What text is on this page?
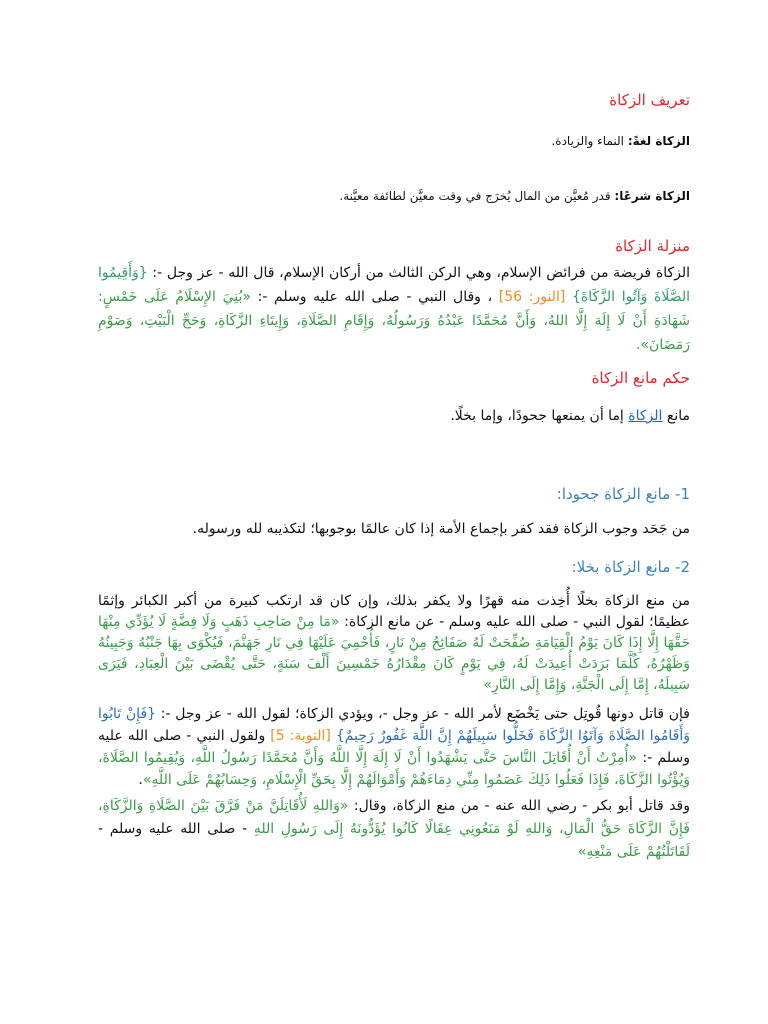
تعريف الزكاة

الزكاة لغةً: النماء والزيادة.

الزكاة شرعًا: قدر مُعيَّن من المال يُخرَج في وقت معيَّن لطائفة معيَّنة.

منزلة الزكاة

الزكاة فريضة من فرائض الإسلام، وهي الركن الثالث من أركان الإسلام، قال الله - عز وجل -: {وَأَقِيمُوا الصَّلَاةَ وَآتُوا الزَّكَاةَ} [النور: 56] ، وقال النبي - صلى الله عليه وسلم -: «بُنِيَ الإِسْلَامُ عَلَى خَمْسٍ: شَهَادَةِ أَنْ لَا إِلَهَ إِلَّا اللهُ، وَأَنَّ مُحَمَّدًا عَبْدُهُ وَرَسُولُهُ، وَإِقَامِ الصَّلَاةِ، وَإِيتَاءِ الزَّكَاةِ، وَحَجِّ الْبَيْتِ، وَصَوْمِ رَمَضَانَ».

حكم مانع الزكاة

مانع الزكاة إما أن يمنعها جحودًا، وإما بخلًا.

1- مانع الزكاة جحودا:

من جَحَد وجوب الزكاة فقد كفر بإجماع الأمة إذا كان عالمًا بوجوبها؛ لتكذيبه لله ورسوله.

2- مانع الزكاة بخلا:

من منع الزكاة بخلًا أُخِذت منه قهرًا ولا يكفر بذلك، وإن كان قد ارتكب كبيرة من أكبر الكبائر وإثمًا عظيمًا؛ لقول النبي - صلى الله عليه وسلم - عن مانع الزكاة: «مَا مِنْ صَاحِبِ ذَهَبٍ وَلَا فِضَّةٍ لَا يُؤَدِّي مِنْهَا حَقَّهَا إِلَّا إِذَا كَانَ يَوْمُ الْقِيَامَةِ صُفِّحَتْ لَهُ صَفَائِحُ مِنْ نَارٍ، فَأُحْمِيَ عَلَيْهَا فِي نَارِ جَهَنَّمَ، فَيُكْوَى بِهَا جَنْبُهُ وَجَبِينُهُ وَظَهْرُهُ، كُلَّمَا بَرَدَتْ أُعِيدَتْ لَهُ، فِي يَوْمٍ كَانَ مِقْدَارُهُ خَمْسِينَ أَلْفَ سَنَةٍ، حَتَّى يُقْضَى بَيْنَ الْعِبَادِ، فَيَرَى سَبِيلَهُ، إِمَّا إِلَى الْجَنَّةِ، وَإِمَّا إِلَى النَّارِ»

فإن قاتل دونها قُوتِل حتى يَخْضَع لأمر الله - عز وجل -، ويؤدي الزكاة؛ لقول الله - عز وجل -: {فَإِنْ تَابُوا وَأَقَامُوا الصَّلَاةَ وَآتَوُا الزَّكَاةَ فَخَلُّوا سَبِيلَهُمْ إِنَّ اللَّهَ غَفُورٌ رَحِيمٌ} [التوبة: 5] ولقول النبي - صلى الله عليه وسلم -: «أُمِرْتُ أَنْ أُقَاتِلَ النَّاسَ حَتَّى يَشْهَدُوا أَنْ لَا إِلَهَ إِلَّا اللَّهُ وَأَنَّ مُحَمَّدًا رَسُولُ اللَّهِ، وَيُقِيمُوا الصَّلَاةَ، وَيُؤْتُوا الزَّكَاةَ، فَإِذَا فَعَلُوا ذَلِكَ عَصَمُوا مِنِّي دِمَاءَهُمْ وَأَمْوَالَهُمْ إِلَّا بِحَقِّ الْإِسْلَامِ، وَحِسَابُهُمْ عَلَى اللَّهِ».

وقد قاتل أبو بكر - رضي الله عنه - من منع الزكاة، وقال: «وَاللهِ لَأُقَاتِلَنَّ مَنْ فَرَّقَ بَيْنَ الصَّلَاةِ وَالزَّكَاةِ، فَإِنَّ الزَّكَاةَ حَقُّ الْمَالِ، وَاللهِ لَوْ مَنَعُونِي عِقَالًا كَانُوا يُؤَدُّونَهُ إِلَى رَسُولِ اللهِ - صلى الله عليه وسلم - لَقَاتَلْتُهُمْ عَلَى مَنْعِهِ»
